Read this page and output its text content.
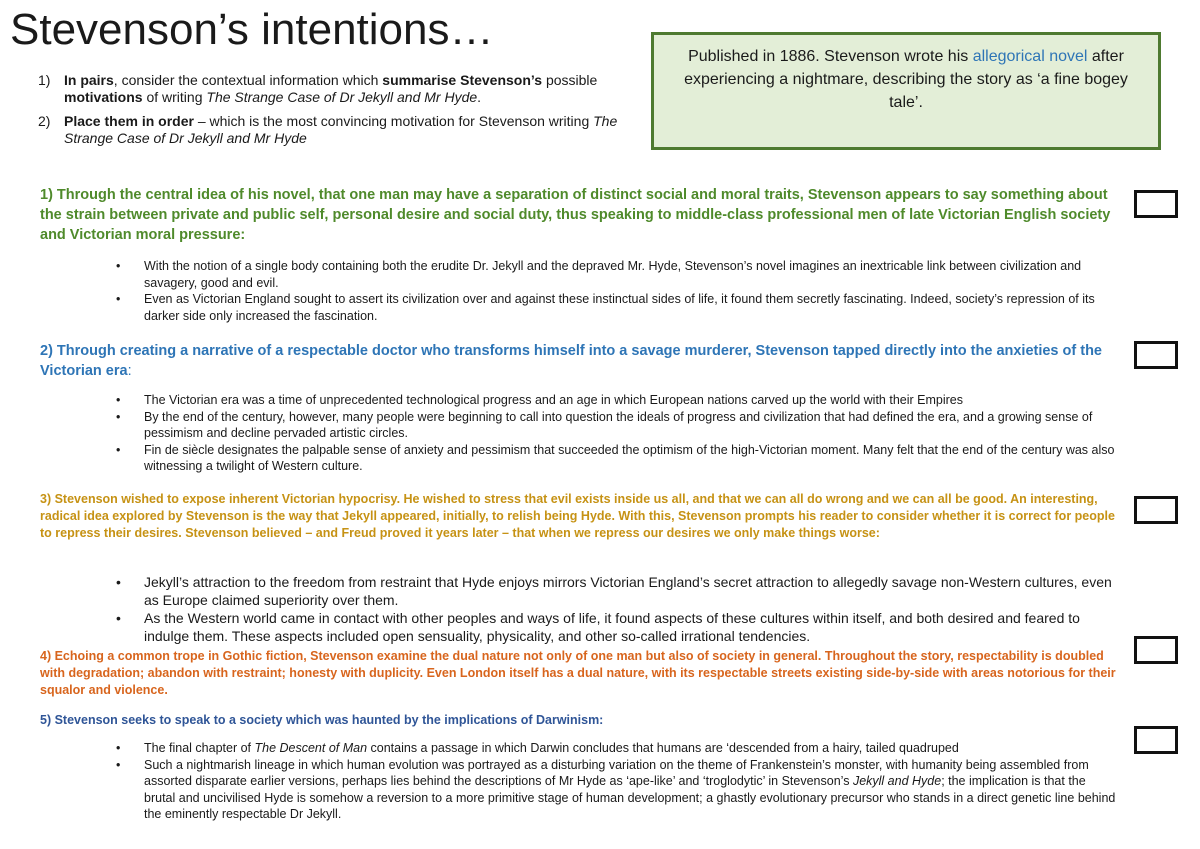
Stevenson’s intentions…
1) In pairs, consider the contextual information which summarise Stevenson’s possible motivations of writing The Strange Case of Dr Jekyll and Mr Hyde.
2) Place them in order – which is the most convincing motivation for Stevenson writing The Strange Case of Dr Jekyll and Mr Hyde
Published in 1886. Stevenson wrote his allegorical novel after experiencing a nightmare, describing the story as ‘a fine bogey tale’.
1) Through the central idea of his novel, that one man may have a separation of distinct social and moral traits, Stevenson appears to say something about the strain between private and public self, personal desire and social duty, thus speaking to middle-class professional men of late Victorian English society and Victorian moral pressure:
• With the notion of a single body containing both the erudite Dr. Jekyll and the depraved Mr. Hyde, Stevenson’s novel imagines an inextricable link between civilization and savagery, good and evil.
• Even as Victorian England sought to assert its civilization over and against these instinctual sides of life, it found them secretly fascinating. Indeed, society’s repression of its darker side only increased the fascination.
2) Through creating a narrative of a respectable doctor who transforms himself into a savage murderer, Stevenson tapped directly into the anxieties of the Victorian era:
• The Victorian era was a time of unprecedented technological progress and an age in which European nations carved up the world with their Empires
• By the end of the century, however, many people were beginning to call into question the ideals of progress and civilization that had defined the era, and a growing sense of pessimism and decline pervaded artistic circles.
• Fin de siècle designates the palpable sense of anxiety and pessimism that succeeded the optimism of the high-Victorian moment. Many felt that the end of the century was also witnessing a twilight of Western culture.
3) Stevenson wished to expose inherent Victorian hypocrisy. He wished to stress that evil exists inside us all, and that we can all do wrong and we can all be good. An interesting, radical idea explored by Stevenson is the way that Jekyll appeared, initially, to relish being Hyde. With this, Stevenson prompts his reader to consider whether it is correct for people to repress their desires. Stevenson believed – and Freud proved it years later – that when we repress our desires we only make things worse:
• Jekyll’s attraction to the freedom from restraint that Hyde enjoys mirrors Victorian England’s secret attraction to allegedly savage non-Western cultures, even as Europe claimed superiority over them.
• As the Western world came in contact with other peoples and ways of life, it found aspects of these cultures within itself, and both desired and feared to indulge them. These aspects included open sensuality, physicality, and other so-called irrational tendencies.
4) Echoing a common trope in Gothic fiction, Stevenson examine the dual nature not only of one man but also of society in general. Throughout the story, respectability is doubled with degradation; abandon with restraint; honesty with duplicity. Even London itself has a dual nature, with its respectable streets existing side-by-side with areas notorious for their squalor and violence.
5) Stevenson seeks to speak to a society which was haunted by the implications of Darwinism:
• The final chapter of The Descent of Man contains a passage in which Darwin concludes that humans are ‘descended from a hairy, tailed quadruped
• Such a nightmarish lineage in which human evolution was portrayed as a disturbing variation on the theme of Frankenstein’s monster, with humanity being assembled from assorted disparate earlier versions, perhaps lies behind the descriptions of Mr Hyde as ‘ape-like’ and ‘troglodytic’ in Stevenson’s Jekyll and Hyde; the implication is that the brutal and uncivilised Hyde is somehow a reversion to a more primitive stage of human development; a ghastly evolutionary precursor who stands in a direct genetic line behind the eminently respectable Dr Jekyll.
